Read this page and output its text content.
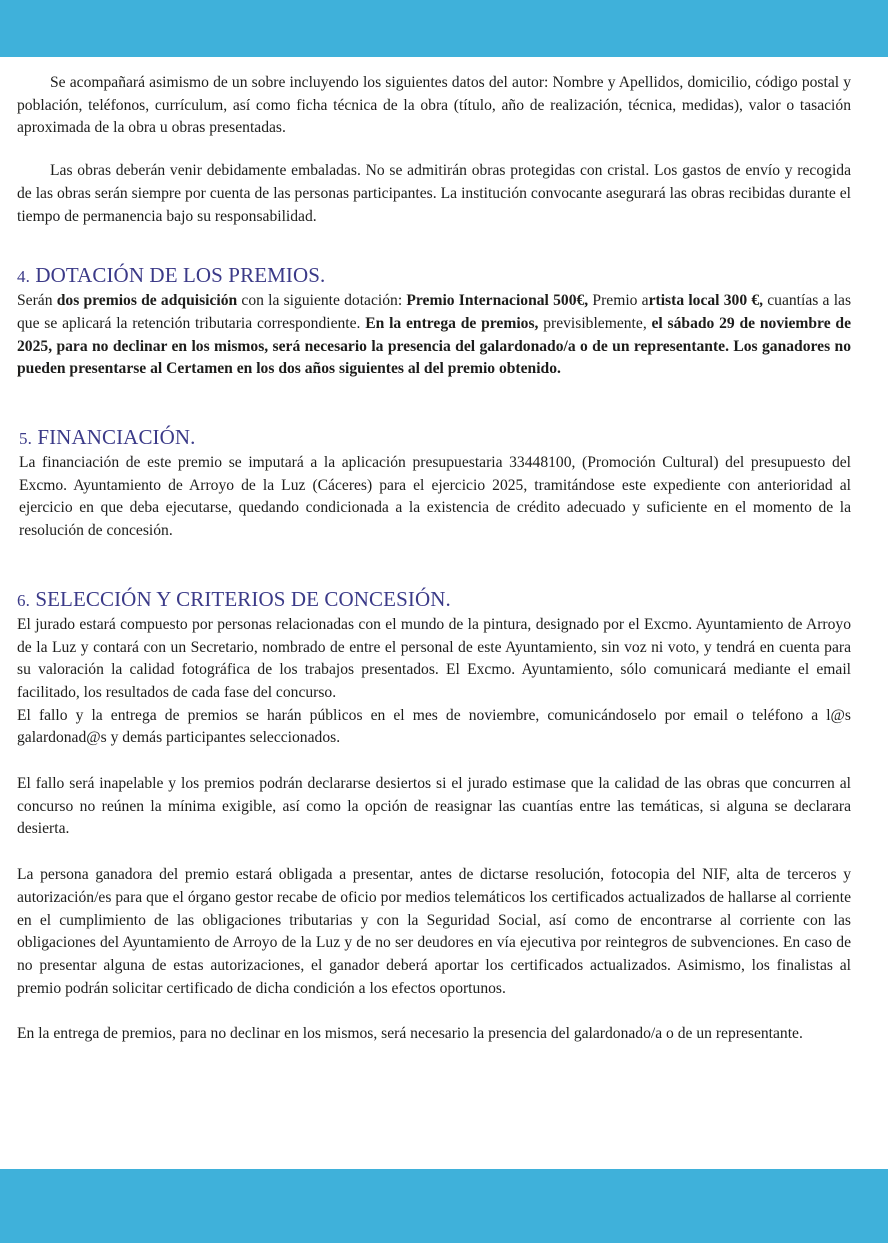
Se acompañará asimismo de un sobre incluyendo los siguientes datos del autor: Nombre y Apellidos, domicilio, código postal y población, teléfonos, currículum, así como ficha técnica de la obra (título, año de realización, técnica, medidas), valor o tasación aproximada de la obra u obras presentadas.

Las obras deberán venir debidamente embaladas. No se admitirán obras protegidas con cristal. Los gastos de envío y recogida de las obras serán siempre por cuenta de las personas participantes. La institución convocante asegurará las obras recibidas durante el tiempo de permanencia bajo su responsabilidad.

4. DOTACIÓN DE LOS PREMIOS.

Serán dos premios de adquisición con la siguiente dotación: Premio Internacional 500€, Premio artista local 300 €, cuantías a las que se aplicará la retención tributaria correspondiente. En la entrega de premios, previsiblemente, el sábado 29 de noviembre de 2025, para no declinar en los mismos, será necesario la presencia del galardonado/a o de un representante. Los ganadores no pueden presentarse al Certamen en los dos años siguientes al del premio obtenido.

5. FINANCIACIÓN.

La financiación de este premio se imputará a la aplicación presupuestaria 33448100, (Promoción Cultural) del presupuesto del Excmo. Ayuntamiento de Arroyo de la Luz (Cáceres) para el ejercicio 2025, tramitándose este expediente con anterioridad al ejercicio en que deba ejecutarse, quedando condicionada a la existencia de crédito adecuado y suficiente en el momento de la resolución de concesión.

6. SELECCIÓN Y CRITERIOS DE CONCESIÓN.

El jurado estará compuesto por personas relacionadas con el mundo de la pintura, designado por el Excmo. Ayuntamiento de Arroyo de la Luz y contará con un Secretario, nombrado de entre el personal de este Ayuntamiento, sin voz ni voto, y tendrá en cuenta para su valoración la calidad fotográfica de los trabajos presentados. El Excmo. Ayuntamiento, sólo comunicará mediante el email facilitado, los resultados de cada fase del concurso.

El fallo y la entrega de premios se harán públicos en el mes de noviembre, comunicándoselo por email o teléfono a l@s galardonad@s y demás participantes seleccionados.

El fallo será inapelable y los premios podrán declararse desiertos si el jurado estimase que la calidad de las obras que concurren al concurso no reúnen la mínima exigible, así como la opción de reasignar las cuantías entre las temáticas, si alguna se declarara desierta.

La persona ganadora del premio estará obligada a presentar, antes de dictarse resolución, fotocopia del NIF, alta de terceros y autorización/es para que el órgano gestor recabe de oficio por medios telemáticos los certificados actualizados de hallarse al corriente en el cumplimiento de las obligaciones tributarias y con la Seguridad Social, así como de encontrarse al corriente con las obligaciones del Ayuntamiento de Arroyo de la Luz y de no ser deudores en vía ejecutiva por reintegros de subvenciones. En caso de no presentar alguna de estas autorizaciones, el ganador deberá aportar los certificados actualizados. Asimismo, los finalistas al premio podrán solicitar certificado de dicha condición a los efectos oportunos.

En la entrega de premios, para no declinar en los mismos, será necesario la presencia del galardonado/a o de un representante.
